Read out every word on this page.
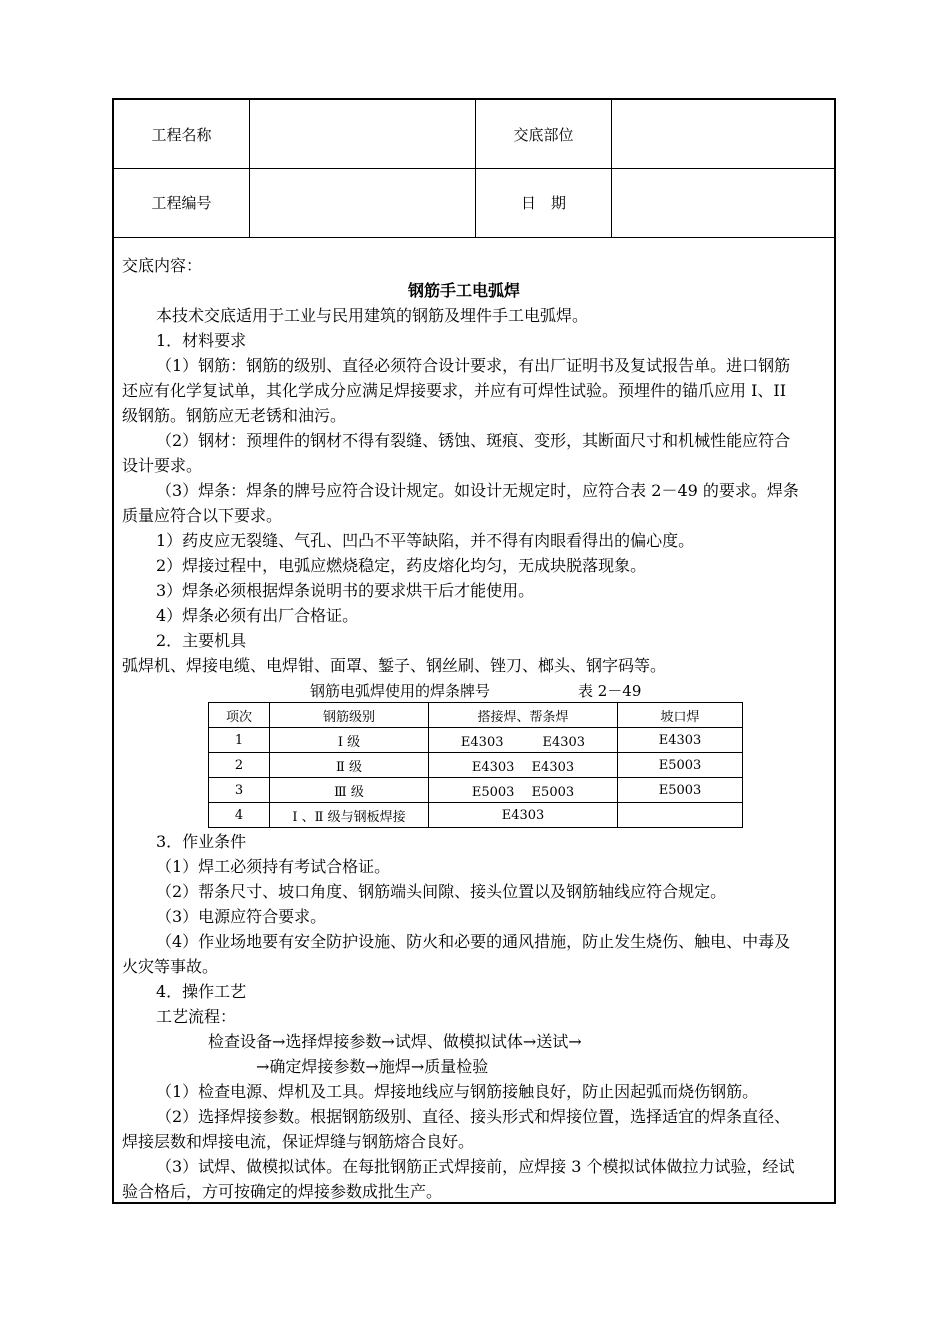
工程名称	交底部位
工程编号	日　期
交底内容：
钢筋手工电弧焊
本技术交底适用于工业与民用建筑的钢筋及埋件手工电弧焊。
1．材料要求
（1）钢筋：钢筋的级别、直径必须符合设计要求，有出厂证明书及复试报告单。进口钢筋
还应有化学复试单，其化学成分应满足焊接要求，并应有可焊性试验。预埋件的锚爪应用 I、II
级钢筋。钢筋应无老锈和油污。
（2）钢材：预埋件的钢材不得有裂缝、锈蚀、斑痕、变形，其断面尺寸和机械性能应符合
设计要求。
（3）焊条：焊条的牌号应符合设计规定。如设计无规定时，应符合表 2－49 的要求。焊条
质量应符合以下要求。
1）药皮应无裂缝、气孔、凹凸不平等缺陷，并不得有肉眼看得出的偏心度。
2）焊接过程中，电弧应燃烧稳定，药皮熔化均匀，无成块脱落现象。
3）焊条必须根据焊条说明书的要求烘干后才能使用。
4）焊条必须有出厂合格证。
2．主要机具
弧焊机、焊接电缆、电焊钳、面罩、錾子、钢丝刷、锉刀、榔头、钢字码等。
钢筋电弧焊使用的焊条牌号	表 2－49
项次	钢筋级别	搭接焊、帮条焊	坡口焊
1	Ⅰ 级	E4303　　　E4303	E4303
2	Ⅱ 级	E4303　 E4303	E5003
3	Ⅲ 级	E5003　 E5003	E5003
4	Ⅰ 、Ⅱ 级与钢板焊接	E4303	
3．作业条件
（1）焊工必须持有考试合格证。
（2）帮条尺寸、坡口角度、钢筋端头间隙、接头位置以及钢筋轴线应符合规定。
（3）电源应符合要求。
（4）作业场地要有安全防护设施、防火和必要的通风措施，防止发生烧伤、触电、中毒及
火灾等事故。
4．操作工艺
工艺流程：
检查设备→选择焊接参数→试焊、做模拟试体→送试→
→确定焊接参数→施焊→质量检验
（1）检查电源、焊机及工具。焊接地线应与钢筋接触良好，防止因起弧而烧伤钢筋。
（2）选择焊接参数。根据钢筋级别、直径、接头形式和焊接位置，选择适宜的焊条直径、
焊接层数和焊接电流，保证焊缝与钢筋熔合良好。
（3）试焊、做模拟试体。在每批钢筋正式焊接前，应焊接 3 个模拟试体做拉力试验，经试
验合格后，方可按确定的焊接参数成批生产。
